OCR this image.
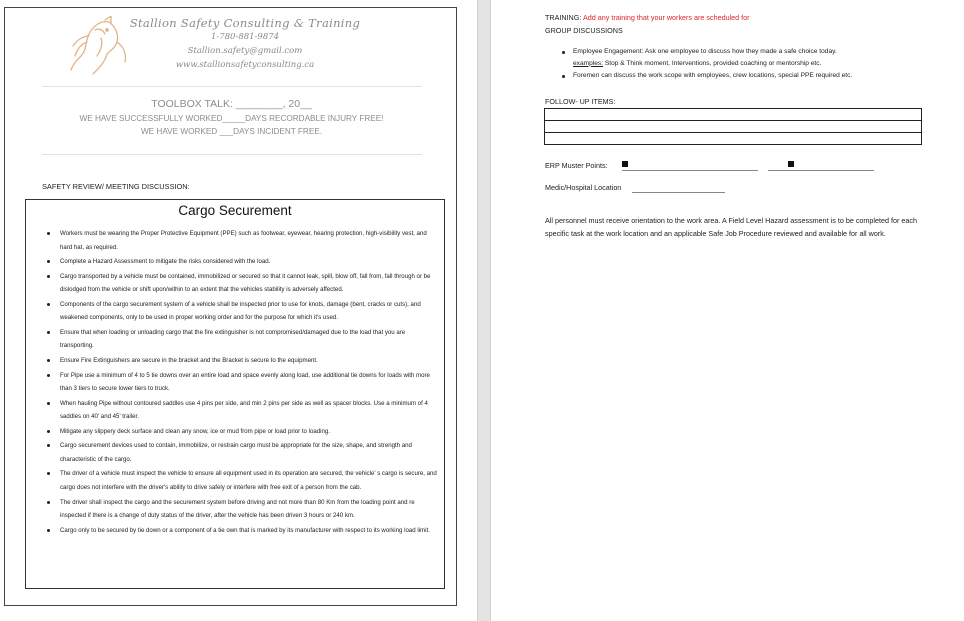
Stallion Safety Consulting & Training
1-780-881-9874
Stallion.safety@gmail.com
www.stallionsafetyconsulting.ca
TOOLBOX TALK: ________, 20__
WE HAVE SUCCESSFULLY WORKED_____DAYS RECORDABLE INJURY FREE!
WE HAVE WORKED ___DAYS INCIDENT FREE.
SAFETY REVIEW/ MEETING DISCUSSION:
Cargo Securement
Workers must be wearing the Proper Protective Equipment (PPE) such as footwear, eyewear, hearing protection, high-visibility vest, and hard hat, as required.
Complete a Hazard Assessment to mitigate the risks considered with the load.
Cargo transported by a vehicle must be contained, immobilized or secured so that it cannot leak, spill, blow off, fall from, fall through or be dislodged from the vehicle or shift upon/within to an extent that the vehicles stability is adversely affected.
Components of the cargo securement system of a vehicle shall be inspected prior to use for knots, damage (bent, cracks or cuts), and weakened components, only to be used in proper working order and for the purpose for which it's used.
Ensure that when loading or unloading cargo that the fire extinguisher is not compromised/damaged due to the load that you are transporting.
Ensure Fire Extinguishers are secure in the bracket and the Bracket is secure to the equipment.
For Pipe use a minimum of 4 to 5 tie downs over an entire load and space evenly along load, use additional tie downs for loads with more than 3 tiers to secure lower tiers to truck.
When hauling Pipe without contoured saddles use 4 pins per side, and min 2 pins per side as well as spacer blocks. Use a minimum of 4 saddles on 40' and 45' trailer.
Mitigate any slippery deck surface and clean any snow, ice or mud from pipe or load prior to loading.
Cargo securement devices used to contain, immobilize, or restrain cargo must be appropriate for the size, shape, and strength and characteristic of the cargo.
The driver of a vehicle must inspect the vehicle to ensure all equipment used in its operation are secured, the vehicle' s cargo is secure, and cargo does not interfere with the driver's ability to drive safely or interfere with free exit of a person from the cab.
The driver shall inspect the cargo and the securement system before driving and not more than 80 Km from the loading point and re inspected if there is a change of duty status of the driver, after the vehicle has been driven 3 hours or 240 km.
Cargo only to be secured by tie down or a component of a tie own that is marked by its manufacturer with respect to its working load limit.
TRAINING: Add any training that your workers are scheduled for
GROUP DISCUSSIONS
Employee Engagement: Ask one employee to discuss how they made a safe choice today.
examples: Stop & Think moment, Interventions, provided coaching or mentorship etc.
Foremen can discuss the work scope with employees, crew locations, special PPE required etc.
FOLLOW- UP ITEMS:

ERP Muster Points:
Medic/Hospital Location
All personnel must receive orientation to the work area. A Field Level Hazard assessment is to be completed for each specific task at the work location and an applicable Safe Job Procedure reviewed and available for all work.
